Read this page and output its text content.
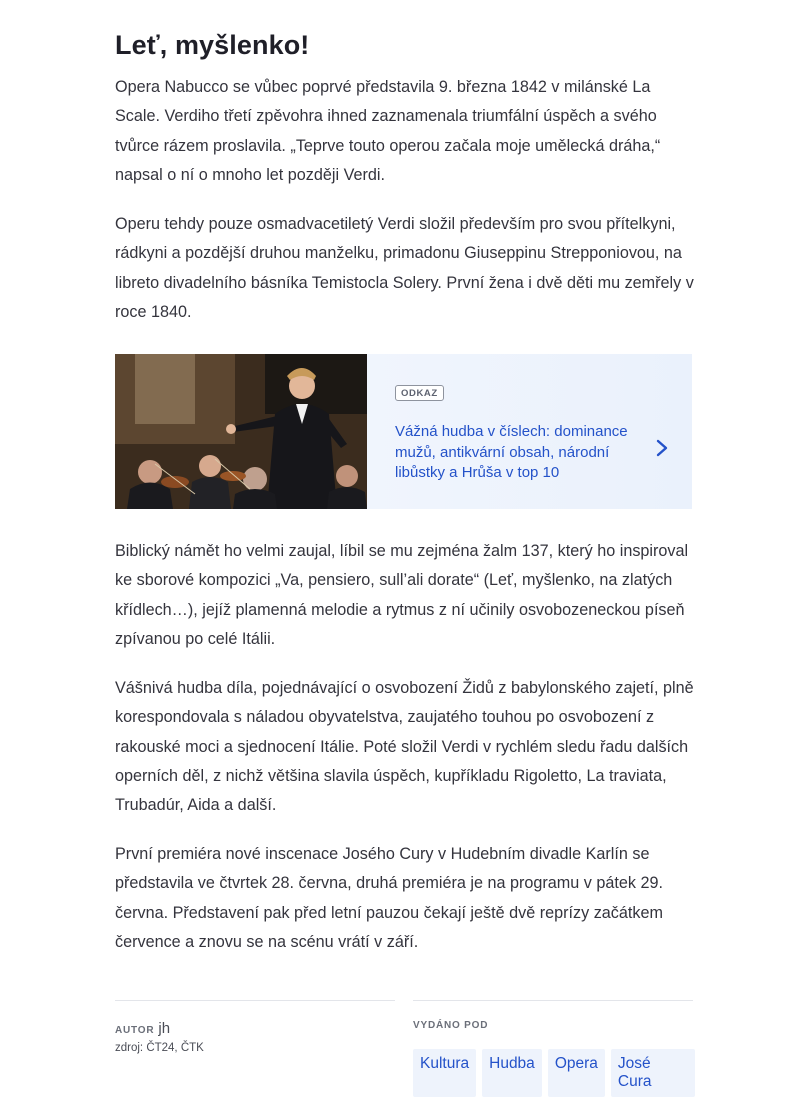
Leť, myšlenko!

Opera Nabucco se vůbec poprvé představila 9. března 1842 v milánské La Scale. Verdiho třetí zpěvohra ihned zaznamenala triumfální úspěch a svého tvůrce rázem proslavila. „Teprve touto operou začala moje umělecká dráha,“ napsal o ní o mnoho let později Verdi.

Operu tehdy pouze osmadvacetiletý Verdi složil především pro svou přítelkyni, rádkyni a pozdější druhou manželku, primadonu Giuseppinu Strepponiovou, na libreto divadelního básníka Temistocla Solery. První žena i dvě děti mu zemřely v roce 1840.

ODKAZ
Vážná hudba v číslech: dominance mužů, antikvární obsah, národní libůstky a Hrůša v top 10

Biblický námět ho velmi zaujal, líbil se mu zejména žalm 137, který ho inspiroval ke sborové kompozici „Va, pensiero, sull’ali dorate“ (Leť, myšlenko, na zlatých křídlech…), jejíž plamenná melodie a rytmus z ní učinily osvobozeneckou píseň zpívanou po celé Itálii.

Vášnivá hudba díla, pojednávající o osvobození Židů z babylonského zajetí, plně korespondovala s náladou obyvatelstva, zaujatého touhou po osvobození z rakouské moci a sjednocení Itálie. Poté složil Verdi v rychlém sledu řadu dalších operních děl, z nichž většina slavila úspěch, kupříkladu Rigoletto, La traviata, Trubadúr, Aida a další.

První premiéra nové inscenace Josého Cury v Hudebním divadle Karlín se představila ve čtvrtek 28. června, druhá premiéra je na programu v pátek 29. června. Představení pak před letní pauzou čekají ještě dvě reprízy začátkem července a znovu se na scénu vrátí v září.

AUTOR jh
zdroj: ČT24, ČTK
VYDÁNO POD
Kultura	Hudba	Opera	José Cura
